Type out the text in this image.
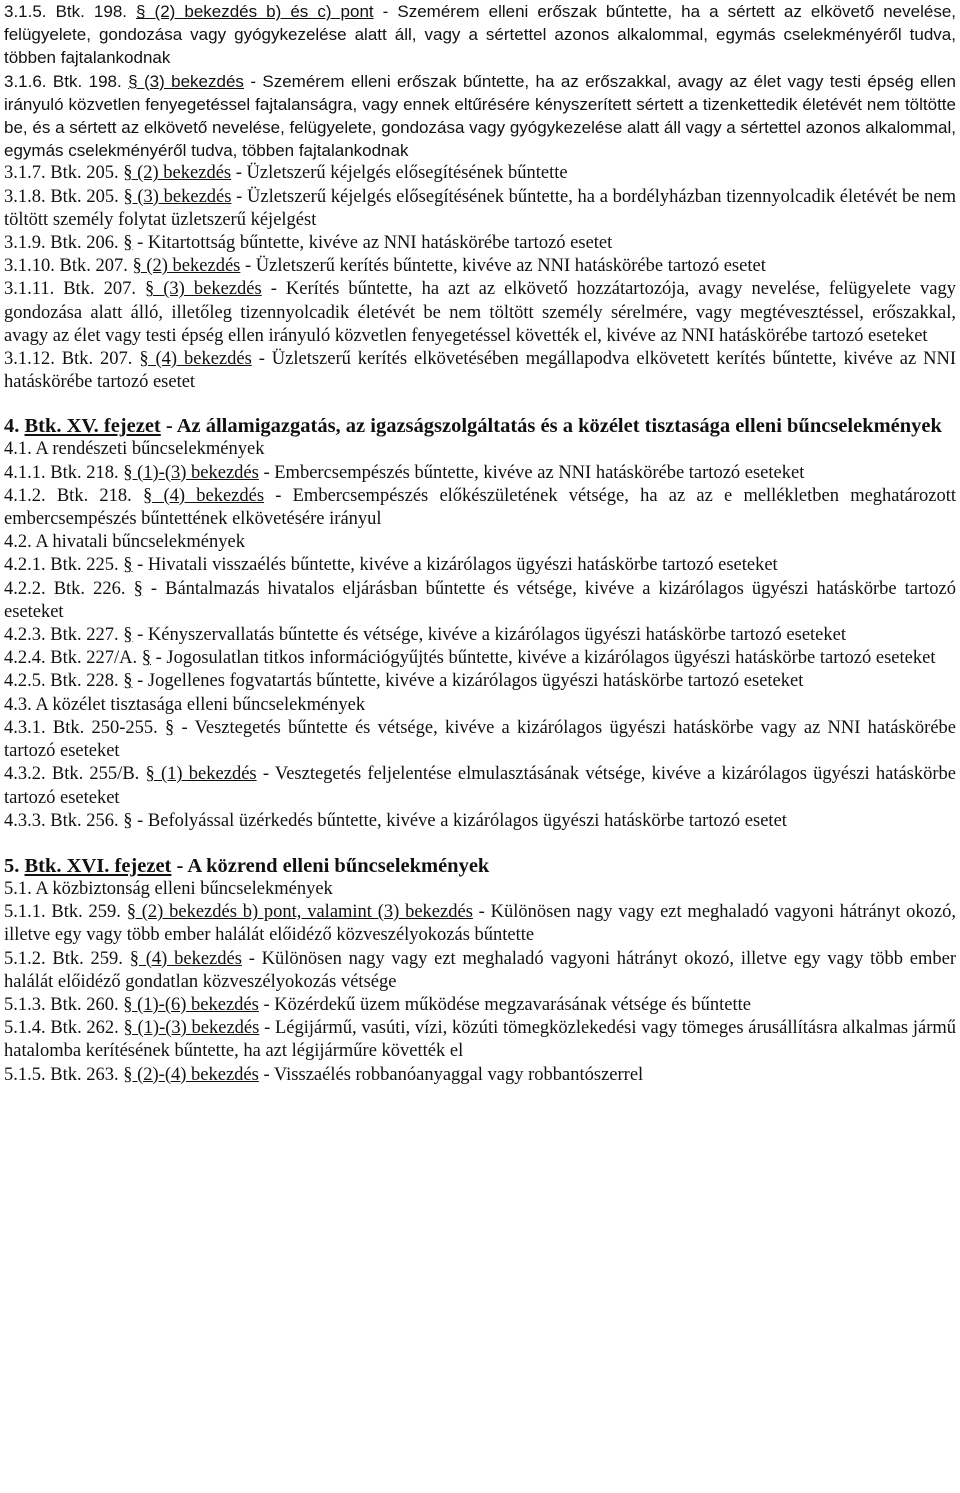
3.1.5. Btk. 198. § (2) bekezdés b) és c) pont - Szemérem elleni erőszak bűntette, ha a sértett az elkövető nevelése, felügyelete, gondozása vagy gyógykezelése alatt áll, vagy a sértettel azonos alkalommal, egymás cselekményéről tudva, többen fajtalankodnak

3.1.6. Btk. 198. § (3) bekezdés - Szemérem elleni erőszak bűntette, ha az erőszakkal, avagy az élet vagy testi épség ellen irányuló közvetlen fenyegetéssel fajtalanságra, vagy ennek eltűrésére kényszerített sértett a tizenkettedik életévét nem töltötte be, és a sértett az elkövető nevelése, felügyelete, gondozása vagy gyógykezelése alatt áll vagy a sértettel azonos alkalommal, egymás cselekményéről tudva, többen fajtalankodnak

3.1.7. Btk. 205. § (2) bekezdés - Üzletszerű kéjelgés elősegítésének bűntette

3.1.8. Btk. 205. § (3) bekezdés - Üzletszerű kéjelgés elősegítésének bűntette, ha a bordélyházban tizennyolcadik életévét be nem töltött személy folytat üzletszerű kéjelgést

3.1.9. Btk. 206. § - Kitartottság bűntette, kivéve az NNI hatáskörébe tartozó esetet

3.1.10. Btk. 207. § (2) bekezdés - Üzletszerű kerítés bűntette, kivéve az NNI hatáskörébe tartozó esetet

3.1.11. Btk. 207. § (3) bekezdés - Kerítés bűntette, ha azt az elkövető hozzátartozója, avagy nevelése, felügyelete vagy gondozása alatt álló, illetőleg tizennyolcadik életévét be nem töltött személy sérelmére, vagy megtévesztéssel, erőszakkal, avagy az élet vagy testi épség ellen irányuló közvetlen fenyegetéssel követték el, kivéve az NNI hatáskörébe tartozó eseteket

3.1.12. Btk. 207. § (4) bekezdés - Üzletszerű kerítés elkövetésében megállapodva elkövetett kerítés bűntette, kivéve az NNI hatáskörébe tartozó esetet

4. Btk. XV. fejezet - Az államigazgatás, az igazságszolgáltatás és a közélet tisztasága elleni bűncselekmények

4.1. A rendészeti bűncselekmények

4.1.1. Btk. 218. § (1)-(3) bekezdés - Embercsempészés bűntette, kivéve az NNI hatáskörébe tartozó eseteket

4.1.2. Btk. 218. § (4) bekezdés - Embercsempészés előkészületének vétsége, ha az az e mellékletben meghatározott embercsempészés bűntettének elkövetésére irányul

4.2. A hivatali bűncselekmények

4.2.1. Btk. 225. § - Hivatali visszaélés bűntette, kivéve a kizárólagos ügyészi hatáskörbe tartozó eseteket

4.2.2. Btk. 226. § - Bántalmazás hivatalos eljárásban bűntette és vétsége, kivéve a kizárólagos ügyészi hatáskörbe tartozó eseteket

4.2.3. Btk. 227. § - Kényszervallatás bűntette és vétsége, kivéve a kizárólagos ügyészi hatáskörbe tartozó eseteket

4.2.4. Btk. 227/A. § - Jogosulatlan titkos információgyűjtés bűntette, kivéve a kizárólagos ügyészi hatáskörbe tartozó eseteket

4.2.5. Btk. 228. § - Jogellenes fogvatartás bűntette, kivéve a kizárólagos ügyészi hatáskörbe tartozó eseteket

4.3. A közélet tisztasága elleni bűncselekmények

4.3.1. Btk. 250-255. § - Vesztegetés bűntette és vétsége, kivéve a kizárólagos ügyészi hatáskörbe vagy az NNI hatáskörébe tartozó eseteket

4.3.2. Btk. 255/B. § (1) bekezdés - Vesztegetés feljelentése elmulasztásának vétsége, kivéve a kizárólagos ügyészi hatáskörbe tartozó eseteket

4.3.3. Btk. 256. § - Befolyással üzérkedés bűntette, kivéve a kizárólagos ügyészi hatáskörbe tartozó esetet

5. Btk. XVI. fejezet - A közrend elleni bűncselekmények

5.1. A közbiztonság elleni bűncselekmények

5.1.1. Btk. 259. § (2) bekezdés b) pont, valamint (3) bekezdés - Különösen nagy vagy ezt meghaladó vagyoni hátrányt okozó, illetve egy vagy több ember halálát előidéző közveszélyokozás bűntette

5.1.2. Btk. 259. § (4) bekezdés - Különösen nagy vagy ezt meghaladó vagyoni hátrányt okozó, illetve egy vagy több ember halálát előidéző gondatlan közveszélyokozás vétsége

5.1.3. Btk. 260. § (1)-(6) bekezdés - Közérdekű üzem működése megzavarásának vétsége és bűntette

5.1.4. Btk. 262. § (1)-(3) bekezdés - Légijármű, vasúti, vízi, közúti tömegközlekedési vagy tömeges árusállításra alkalmas jármű hatalomba kerítésének bűntette, ha azt légijárműre követték el

5.1.5. Btk. 263. § (2)-(4) bekezdés - Visszaélés robbanóanyaggal vagy robbantószerrel
